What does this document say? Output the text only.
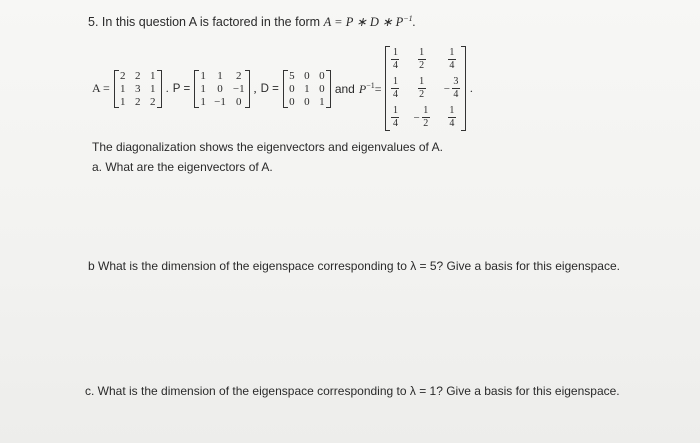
5. In this question A is factored in the form A = P ∗ D ∗ $P^{-1}$.
A =
2 2 1
1 3 1
1 2 2
. P =
1 1 2
1 0 −1
1 −1 0
, D =
5 0 0
0 1 0
0 0 1
and $P^{-1}=$
$\frac{1}{4} \frac{1}{2} \frac{1}{4}$
$\frac{1}{4} \frac{1}{2} - \frac{3}{4}$
$\frac{1}{4} - \frac{1}{2} \frac{1}{4}$
.
The diagonalization shows the eigenvectors and eigenvalues of A.
a. What are the eigenvectors of A.
b What is the dimension of the eigenspace corresponding to λ = 5? Give a basis for this eigenspace.
c. What is the dimension of the eigenspace corresponding to λ = 1? Give a basis for this eigenspace.
